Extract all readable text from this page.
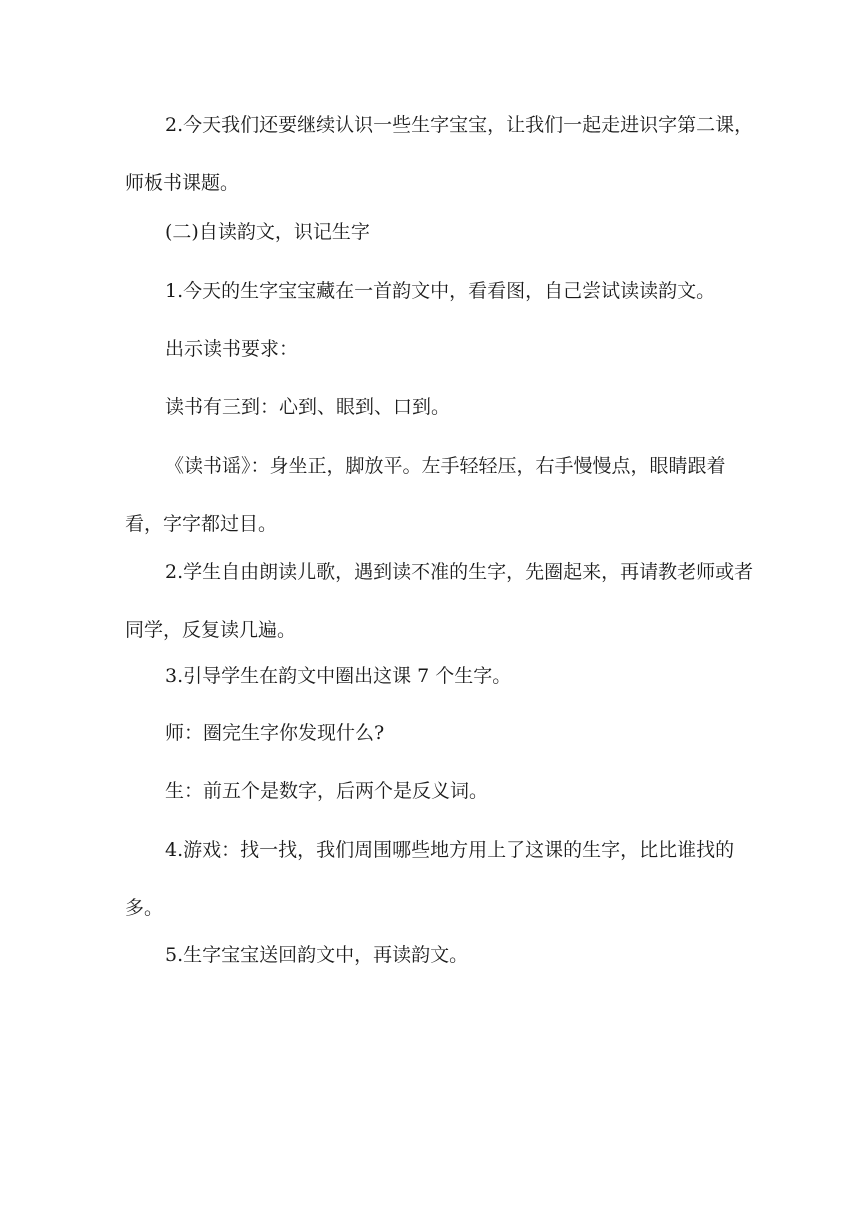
2.今天我们还要继续认识一些生字宝宝，让我们一起走进识字第二课，师板书课题。

(二)自读韵文，识记生字

1.今天的生字宝宝藏在一首韵文中，看看图，自己尝试读读韵文。

出示读书要求：

读书有三到：心到、眼到、口到。

《读书谣》：身坐正，脚放平。左手轻轻压，右手慢慢点，眼睛跟着看，字字都过目。

2.学生自由朗读儿歌，遇到读不准的生字，先圈起来，再请教老师或者同学，反复读几遍。

3.引导学生在韵文中圈出这课 7 个生字。

师：圈完生字你发现什么?

生：前五个是数字，后两个是反义词。

4.游戏：找一找，我们周围哪些地方用上了这课的生字，比比谁找的多。

5.生字宝宝送回韵文中，再读韵文。
